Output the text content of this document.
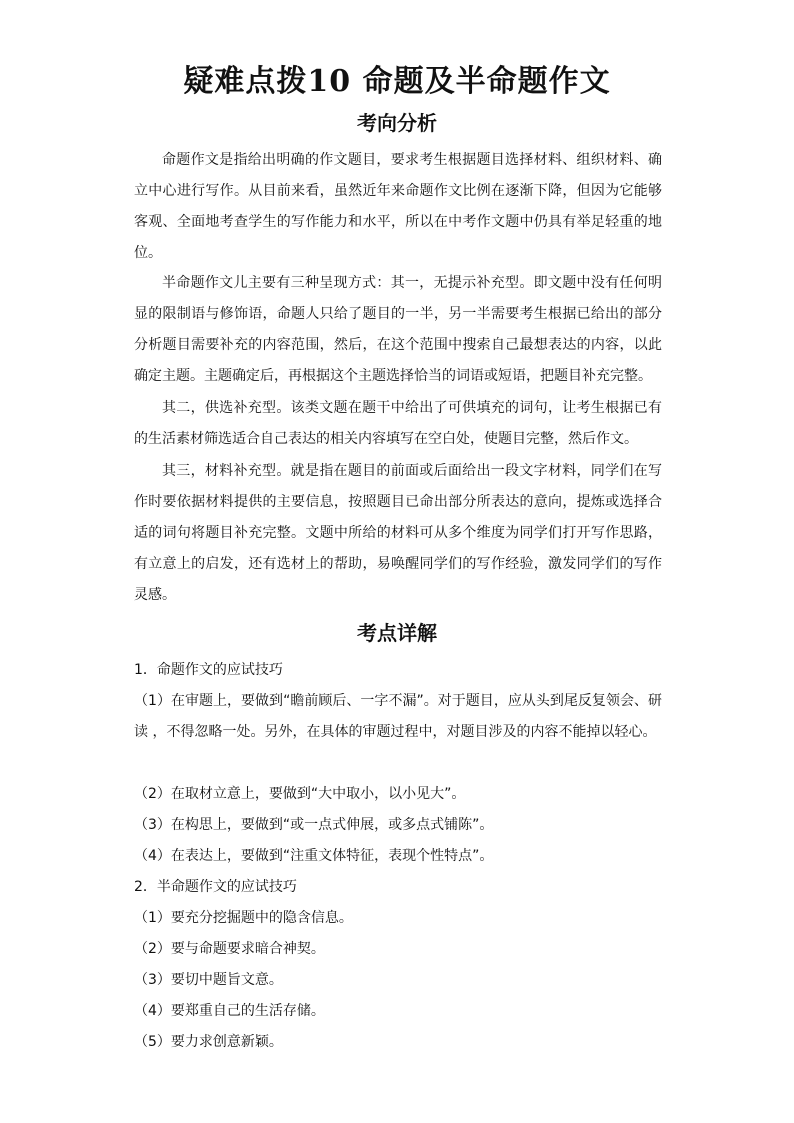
疑难点拨10 命题及半命题作文
考向分析

命题作文是指给出明确的作文题目，要求考生根据题目选择材料、组织材料、确立中心进行写作。从目前来看，虽然近年来命题作文比例在逐渐下降，但因为它能够客观、全面地考查学生的写作能力和水平，所以在中考作文题中仍具有举足轻重的地位。

半命题作文儿主要有三种呈现方式：其一，无提示补充型。即文题中没有任何明显的限制语与修饰语，命题人只给了题目的一半，另一半需要考生根据已给出的部分分析题目需要补充的内容范围，然后，在这个范围中搜索自己最想表达的内容，以此确定主题。主题确定后，再根据这个主题选择恰当的词语或短语，把题目补充完整。

其二，供选补充型。该类文题在题干中给出了可供填充的词句，让考生根据已有的生活素材筛选适合自己表达的相关内容填写在空白处，使题目完整，然后作文。

其三，材料补充型。就是指在题目的前面或后面给出一段文字材料，同学们在写作时要依据材料提供的主要信息，按照题目已命出部分所表达的意向，提炼或选择合适的词句将题目补充完整。文题中所给的材料可从多个维度为同学们打开写作思路，有立意上的启发，还有选材上的帮助，易唤醒同学们的写作经验，激发同学们的写作灵感。

考点详解

1．命题作文的应试技巧

（1）在审题上，要做到“瞻前顾后、一字不漏”。对于题目，应从头到尾反复领会、研读 ，不得忽略一处。另外，在具体的审题过程中，对题目涉及的内容不能掉以轻心。

（2）在取材立意上，要做到“大中取小，以小见大”。

（3）在构思上，要做到“或一点式伸展，或多点式铺陈”。

（4）在表达上，要做到“注重文体特征，表现个性特点”。

2．半命题作文的应试技巧

（1）要充分挖掘题中的隐含信息。

（2）要与命题要求暗合神契。

（3）要切中题旨文意。

（4）要郑重自己的生活存储。

（5）要力求创意新颖。
